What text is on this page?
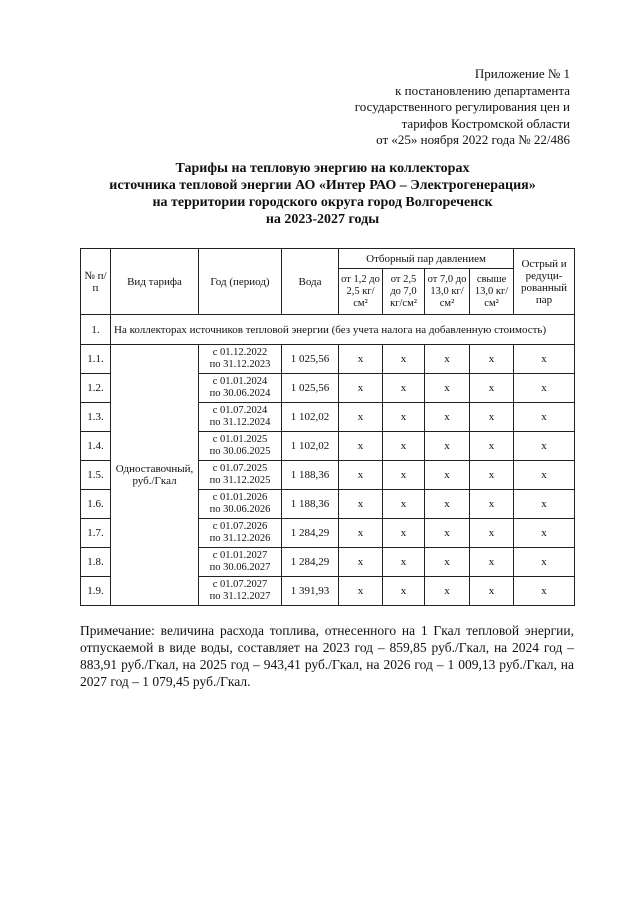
Приложение № 1
к постановлению департамента
государственного регулирования цен и
тарифов Костромской области
от «25» ноября 2022 года № 22/486
Тарифы на тепловую энергию на коллекторах
источника тепловой энергии АО «Интер РАО – Электрогенерация»
на территории городского округа город Волгореченск
на 2023-2027 годы
№ п/п	Вид тарифа	Год (период)	Вода	Отборный пар давлением				Острый и редуци-рованный пар
				от 1,2 до 2,5 кг/см²	от 2,5 до 7,0 кг/см²	от 7,0 до 13,0 кг/см²	свыше 13,0 кг/см²	
1.	На коллекторах источников тепловой энергии (без учета налога на добавленную стоимость)							
1.1.	Одноставочный, руб./Гкал	с 01.12.2022
по 31.12.2023	1 025,56	x	x	x	x	x
1.2.		с 01.01.2024
по 30.06.2024	1 025,56	x	x	x	x	x
1.3.		с 01.07.2024
по 31.12.2024	1 102,02	x	x	x	x	x
1.4.		с 01.01.2025
по 30.06.2025	1 102,02	x	x	x	x	x
1.5.		с 01.07.2025
по 31.12.2025	1 188,36	x	x	x	x	x
1.6.		с 01.01.2026
по 30.06.2026	1 188,36	x	x	x	x	x
1.7.		с 01.07.2026
по 31.12.2026	1 284,29	x	x	x	x	x
1.8.		с 01.01.2027
по 30.06.2027	1 284,29	x	x	x	x	x
1.9.		с 01.07.2027
по 31.12.2027	1 391,93	x	x	x	x	x
Примечание: величина расхода топлива, отнесенного на 1 Гкал тепловой энергии, отпускаемой в виде воды, составляет на 2023 год – 859,85 руб./Гкал, на 2024 год – 883,91 руб./Гкал, на 2025 год – 943,41 руб./Гкал, на 2026 год – 1 009,13 руб./Гкал, на 2027 год – 1 079,45 руб./Гкал.
